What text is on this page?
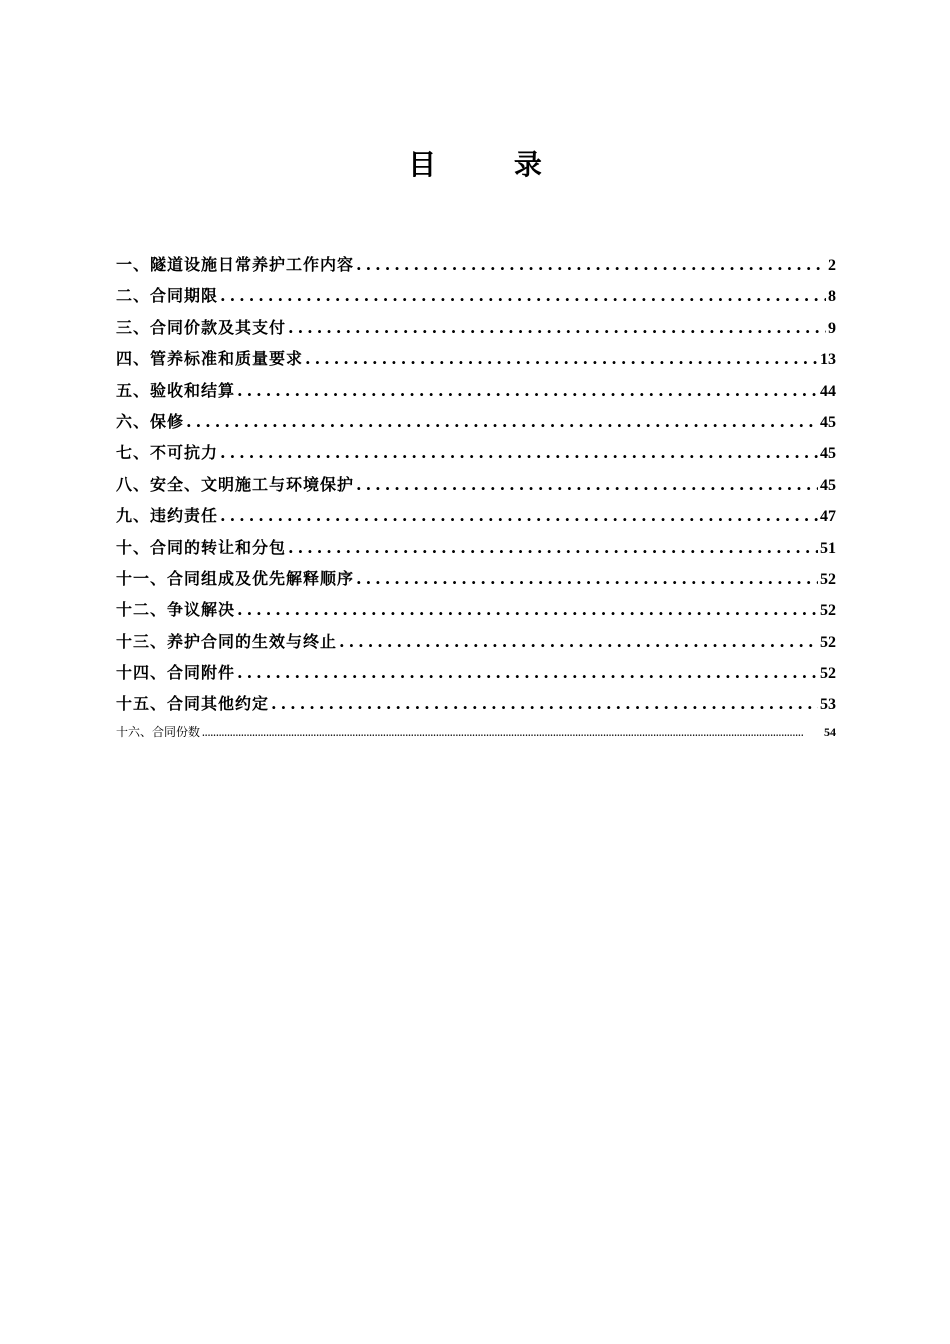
目 录
一、隧道设施日常养护工作内容 .....	2
二、合同期限 .....	8
三、合同价款及其支付 .....	9
四、管养标准和质量要求 .....	13
五、验收和结算 .....	44
六、保修 .....	45
七、不可抗力 .....	45
八、安全、文明施工与环境保护 .....	45
九、违约责任 .....	47
十、合同的转让和分包 .....	51
十一、合同组成及优先解释顺序 .....	52
十二、争议解决 .....	52
十三、养护合同的生效与终止 .....	52
十四、合同附件 .....	52
十五、合同其他约定 .....	53
十六、合同份数 .....	54
